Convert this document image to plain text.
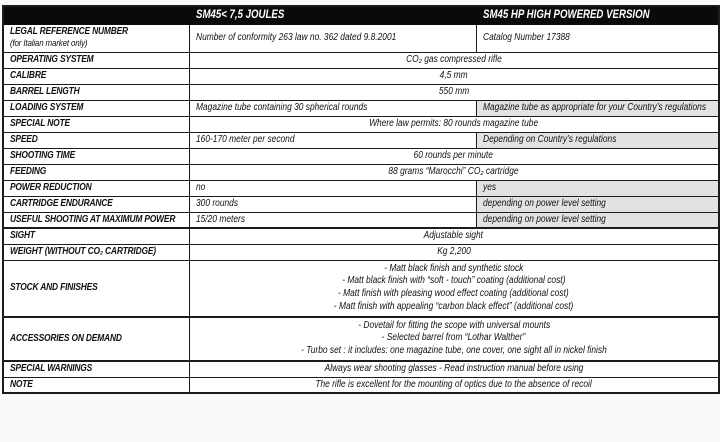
	SM45< 7,5 JOULES	SM45 HP HIGH POWERED VERSION

LEGAL REFERENCE NUMBER
(for Italian market only)	Number of conformity 263 law no. 362 dated 9.8.2001	Catalog Number 17388
OPERATING SYSTEM	CO₂ gas compressed rifle	
CALIBRE	4,5 mm	
BARREL LENGTH	550 mm	
LOADING SYSTEM	Magazine tube containing 30 spherical rounds	Magazine tube as appropriate for your Country’s regulations
SPECIAL NOTE	Where law permits: 80 rounds magazine tube	
SPEED	160-170 meter per second	Depending on Country’s regulations
SHOOTING TIME	60 rounds per minute	
FEEDING	88 grams “Marocchi” CO₂ cartridge	
POWER REDUCTION	no	yes
CARTRIDGE ENDURANCE	300 rounds	depending on power level setting
USEFUL SHOOTING AT MAXIMUM POWER	15/20 meters	depending on power level setting
SIGHT	Adjustable sight	
WEIGHT (WITHOUT CO₂ CARTRIDGE)	Kg 2,200	
STOCK AND FINISHES	- Matt black finish and synthetic stock
- Matt black finish with “soft - touch” coating (additional cost)
- Matt finish with pleasing wood effect coating (additional cost)
- Matt finish with appealing “carbon black effect” (additional cost)	

ACCESSORIES ON DEMAND	- Dovetail for fitting the scope with universal mounts
- Selected barrel from “Lothar Walther”
- Turbo set : it includes: one magazine tube, one cover, one sight all in nickel finish	

SPECIAL WARNINGS	Always wear shooting glasses - Read instruction manual before using	
NOTE	The rifle is excellent for the mounting of optics due to the absence of recoil	
